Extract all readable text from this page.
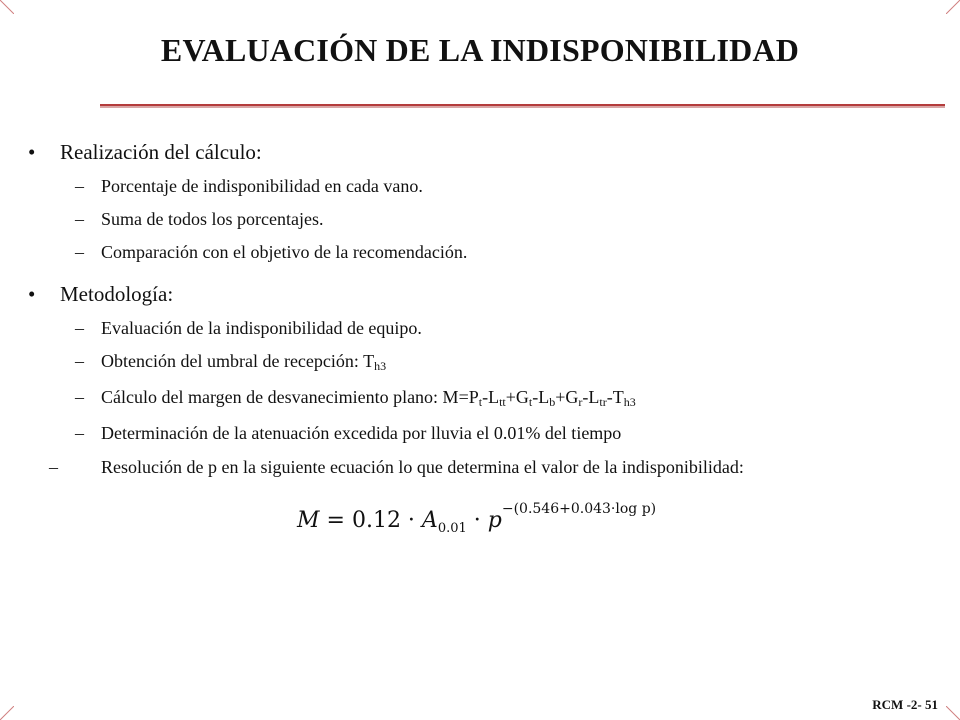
EVALUACIÓN DE LA INDISPONIBILIDAD
• Realización del cálculo:
– Porcentaje de indisponibilidad en cada vano.
– Suma de todos los porcentajes.
– Comparación con el objetivo de la recomendación.
• Metodología:
– Evaluación de la indisponibilidad de equipo.
– Obtención del umbral de recepción: $T_{h3}$
– Cálculo del margen de desvanecimiento plano: $M=P_t-L_{tt}+G_t-L_b+G_r-L_{tr}-T_{h3}$
– Determinación de la atenuación excedida por lluvia el 0.01% del tiempo
– Resolución de p en la siguiente ecuación lo que determina el valor de la indisponibilidad:
$M = 0.12 \cdot A_{0.01} \cdot p^{-(0.546+0.043\cdot log p)}$
RCM -2- 51
